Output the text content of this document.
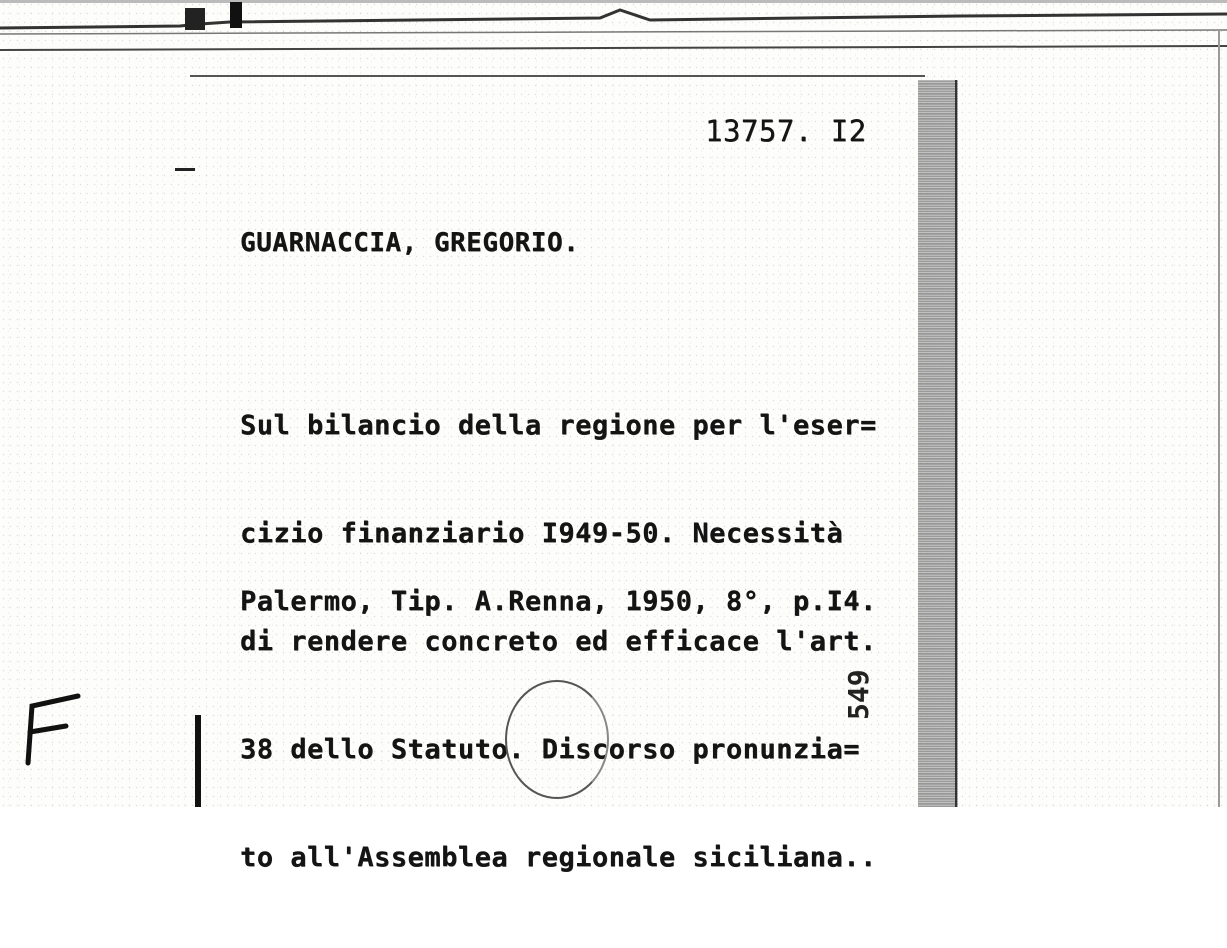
13757. I2
GUARNACCIA, GREGORIO.

Sul bilancio della regione per l'eser=

cizio finanziario I949-50. Necessità

di rendere concreto ed efficace l'art.

38 dello Statuto. Discorso pronunzia=

to all'Assemblea regionale siciliana..

Palermo, Tip. A.Renna, 1950, 8°, p.I4.
549
